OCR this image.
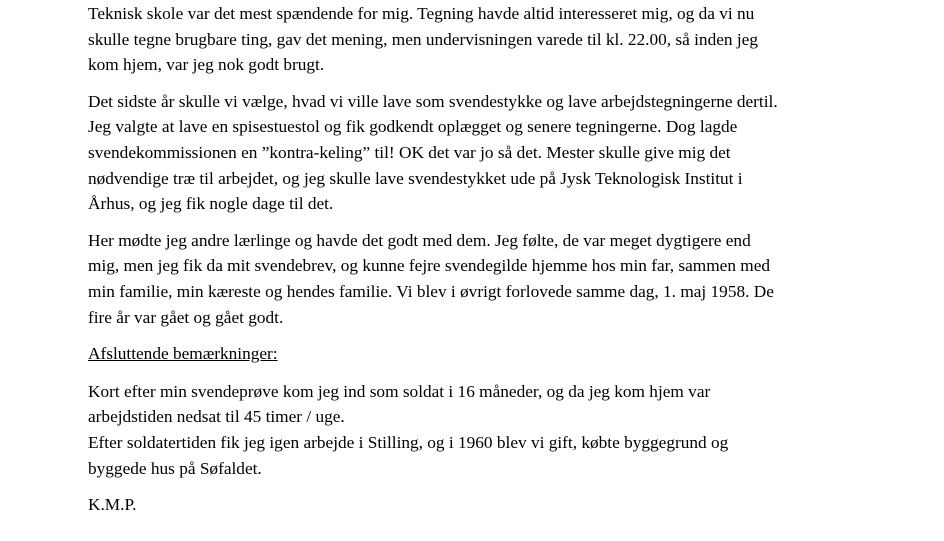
Teknisk skole var det mest spændende for mig. Tegning havde altid interesseret mig, og da vi nu
skulle tegne brugbare ting, gav det mening, men undervisningen varede til kl. 22.00, så inden jeg
kom hjem, var jeg nok godt brugt.
Det sidste år skulle vi vælge, hvad vi ville lave som svendestykke og lave arbejdstegningerne dertil.
Jeg valgte at lave en spisestuestol og fik godkendt oplægget og senere tegningerne. Dog lagde
svendekommissionen en ”kontra-keling” til! OK det var jo så det. Mester skulle give mig det
nødvendige træ til arbejdet, og jeg skulle lave svendestykket ude på Jysk Teknologisk Institut i
Århus, og jeg fik nogle dage til det.
Her mødte jeg andre lærlinge og havde det godt med dem. Jeg følte, de var meget dygtigere end
mig, men jeg fik da mit svendebrev, og kunne fejre svendegilde hjemme hos min far, sammen med
min familie, min kæreste og hendes familie. Vi blev i øvrigt forlovede samme dag, 1. maj 1958. De
fire år var gået og gået godt.
Afsluttende bemærkninger:
Kort efter min svendeprøve kom jeg ind som soldat i 16 måneder, og da jeg kom hjem var
arbejdstiden nedsat til 45 timer / uge.
Efter soldatertiden fik jeg igen arbejde i Stilling, og i 1960 blev vi gift, købte byggegrund og
byggede hus på Søfaldet.
K.M.P.
